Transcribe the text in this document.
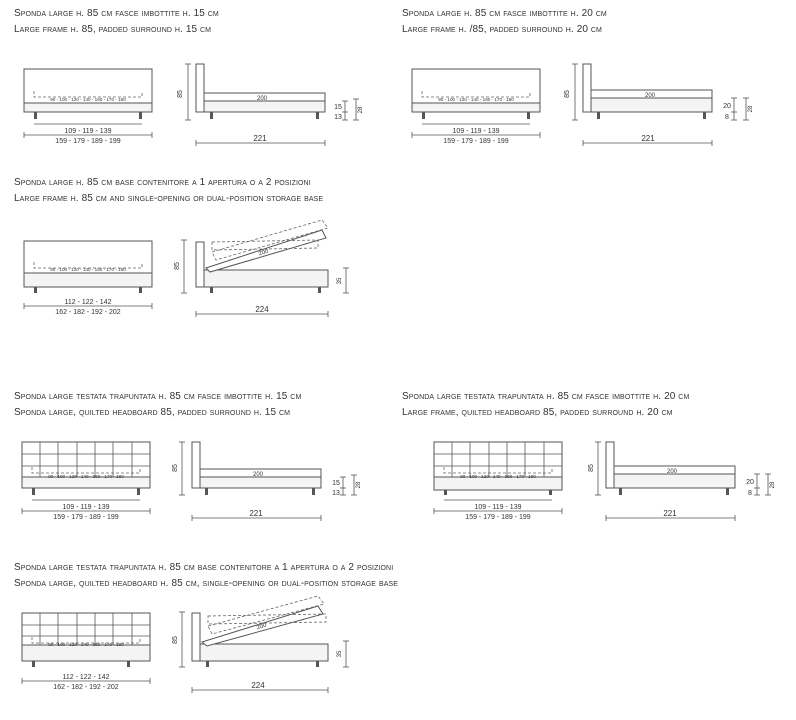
Sponda large h. 85 cm fasce imbottite h. 15 cm
Large frame h. 85, padded surround h. 15 cm
Sponda large h. 85 cm fasce imbottite h. 20 cm
Large frame h. /85, padded surround h. 20 cm
Sponda large h. 85 cm base contenitore a 1 apertura o a 2 posizioni
Large frame h. 85 cm and single-opening or dual-position storage base
Sponda large testata trapuntata h. 85 cm fasce imbottite h. 15 cm
Sponda large, quilted headboard 85, padded surround h. 15 cm
Sponda large testata trapuntata h. 85 cm fasce imbottite h. 20 cm
Large frame, quilted headboard 85, padded surround h. 20 cm
Sponda large testata trapuntata h. 85 cm base contenitore a 1 apertura o a 2 posizioni
Sponda large, quilted headboard h. 85 cm, single-opening or dual-position storage base
90 - 100 - 120 - 140 - 160 - 170 - 180
109 - 119 - 139
159 - 179 - 189 - 199
85
200
15
13
28
221
90 - 100 - 120 - 140 - 160 - 170 - 180
109 - 119 - 139
159 - 179 - 189 - 199
85	200
20
8
28
221
90 - 100 - 120 - 140 - 160 - 170 - 180
112 - 122 - 142
162 - 182 - 192 - 202
85
200
35
224
90 - 100 - 120 - 140 - 160 - 170 - 180
109 - 119 - 139
159 - 179 - 189 - 199
85
200
15
13
28
221
90 - 100 - 120 - 140 - 160 - 170 - 180
109 - 119 - 139
159 - 179 - 189 - 199
85
200
20
8
28
221
90 - 100 - 120 - 140 - 160 - 170 - 180
112 - 122 - 142
162 - 182 - 192 - 202
85
200
35
224
